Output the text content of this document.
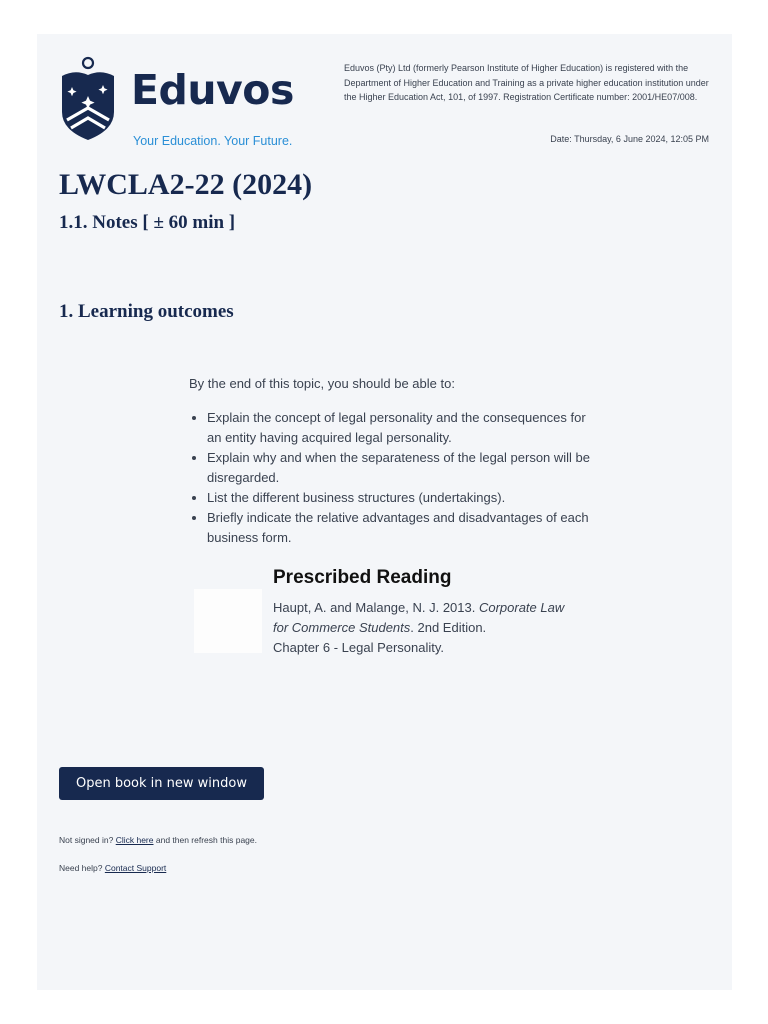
Eduvos
Your Education. Your Future.
Eduvos (Pty) Ltd (formerly Pearson Institute of Higher Education) is registered with the Department of Higher Education and Training as a private higher education institution under the Higher Education Act, 101, of 1997. Registration Certificate number: 2001/HE07/008.
Date: Thursday, 6 June 2024, 12:05 PM
LWCLA2-22 (2024)
1.1. Notes [ ± 60 min ]
1. Learning outcomes
By the end of this topic, you should be able to:
• Explain the concept of legal personality and the consequences for an entity having acquired legal personality.
• Explain why and when the separateness of the legal person will be disregarded.
• List the different business structures (undertakings).
• Briefly indicate the relative advantages and disadvantages of each business form.
Prescribed Reading
Haupt, A. and Malange, N. J. 2013. Corporate Law for Commerce Students. 2nd Edition.
Chapter 6 - Legal Personality.
Open book in new window
Not signed in? Click here and then refresh this page.
Need help? Contact Support
